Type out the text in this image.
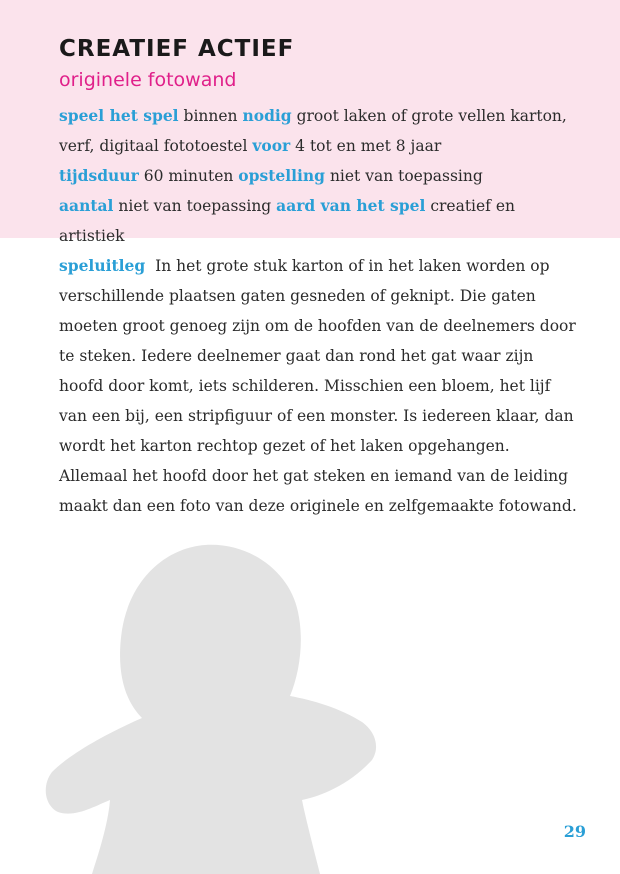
CREATIEF ACTIEF
originele fotowand
speel het spel binnen nodig groot laken of grote vellen karton, verf, digitaal fototoestel voor 4 tot en met 8 jaar
tijdsduur 60 minuten opstelling niet van toepassing
aantal niet van toepassing aard van het spel creatief en artistiek
speluitleg In het grote stuk karton of in het laken worden op verschillende plaatsen gaten gesneden of geknipt. Die gaten moeten groot genoeg zijn om de hoofden van de deelnemers door te steken. Iedere deelnemer gaat dan rond het gat waar zijn hoofd door komt, iets schilderen. Misschien een bloem, het lijf van een bij, een stripfiguur of een monster. Is iedereen klaar, dan wordt het karton rechtop gezet of het laken opgehangen. Allemaal het hoofd door het gat steken en iemand van de leiding maakt dan een foto van deze originele en zelfgemaakte fotowand.
29
